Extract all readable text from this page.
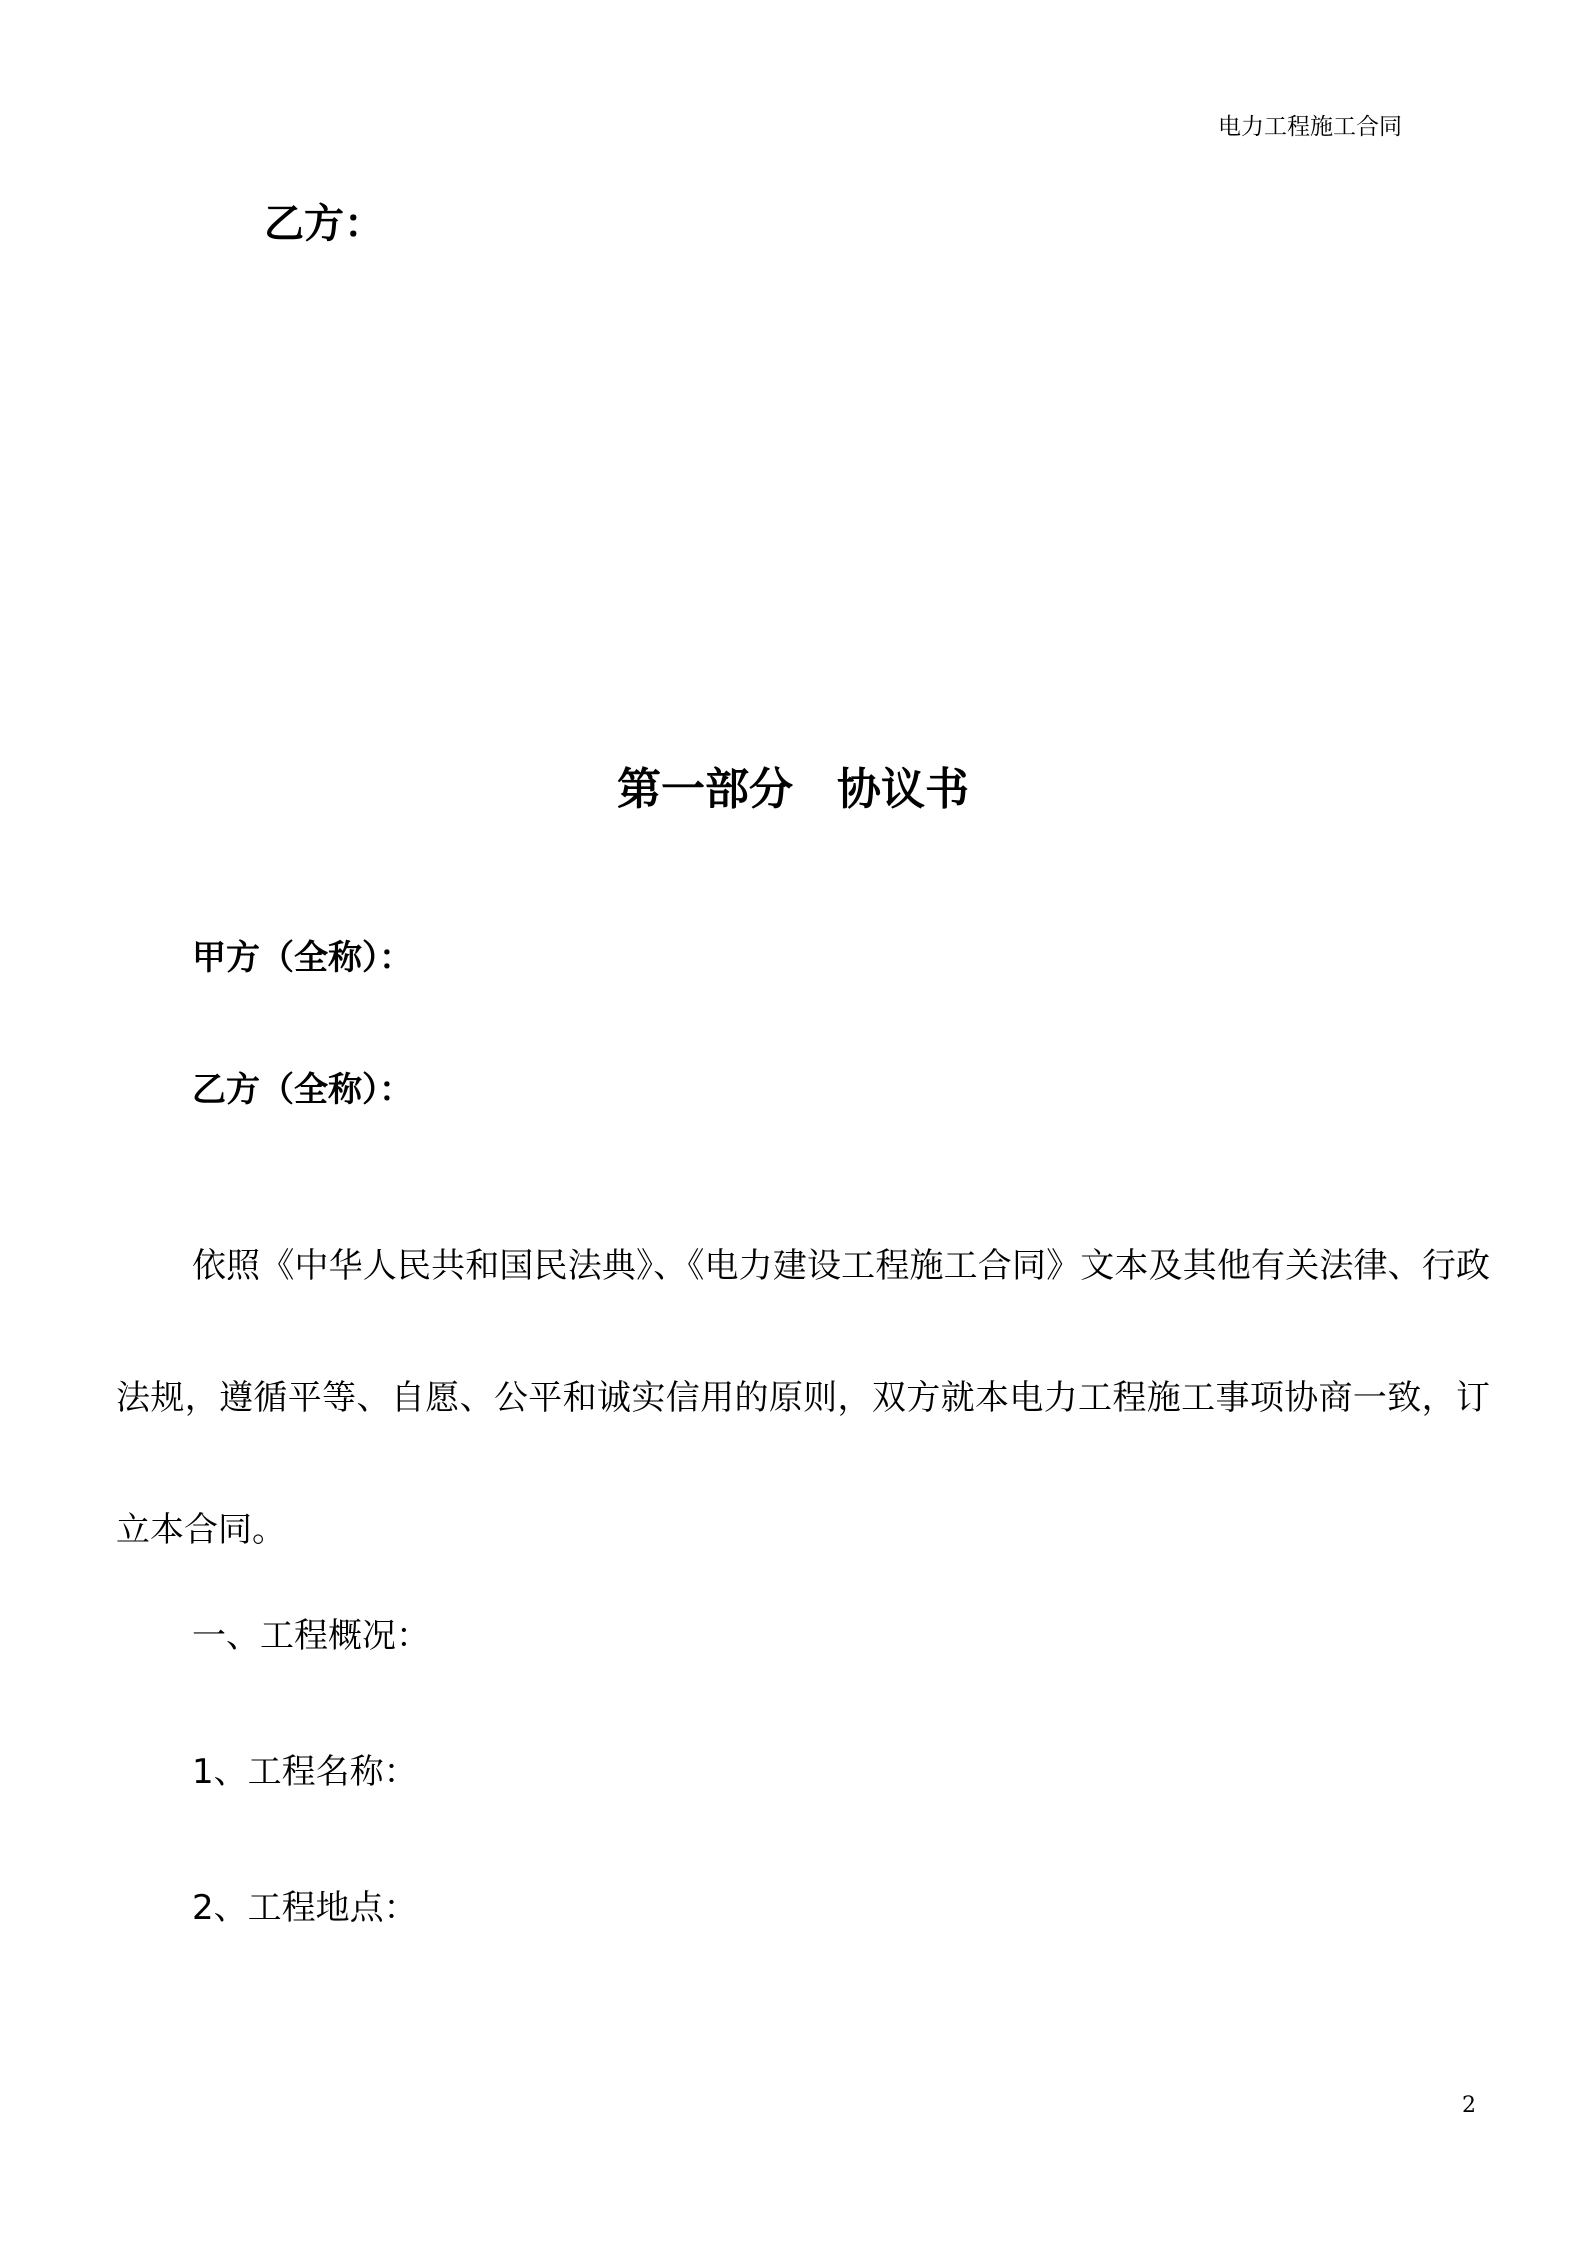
电力工程施工合同
乙方：
第一部分　协议书
甲方（全称）：
乙方（全称）：
依照《中华人民共和国民法典》、《电力建设工程施工合同》文本及其他有关法律、行政法规，遵循平等、自愿、公平和诚实信用的原则，双方就本电力工程施工事项协商一致，订立本合同。
一、工程概况：
1、工程名称：
2、工程地点：
2
